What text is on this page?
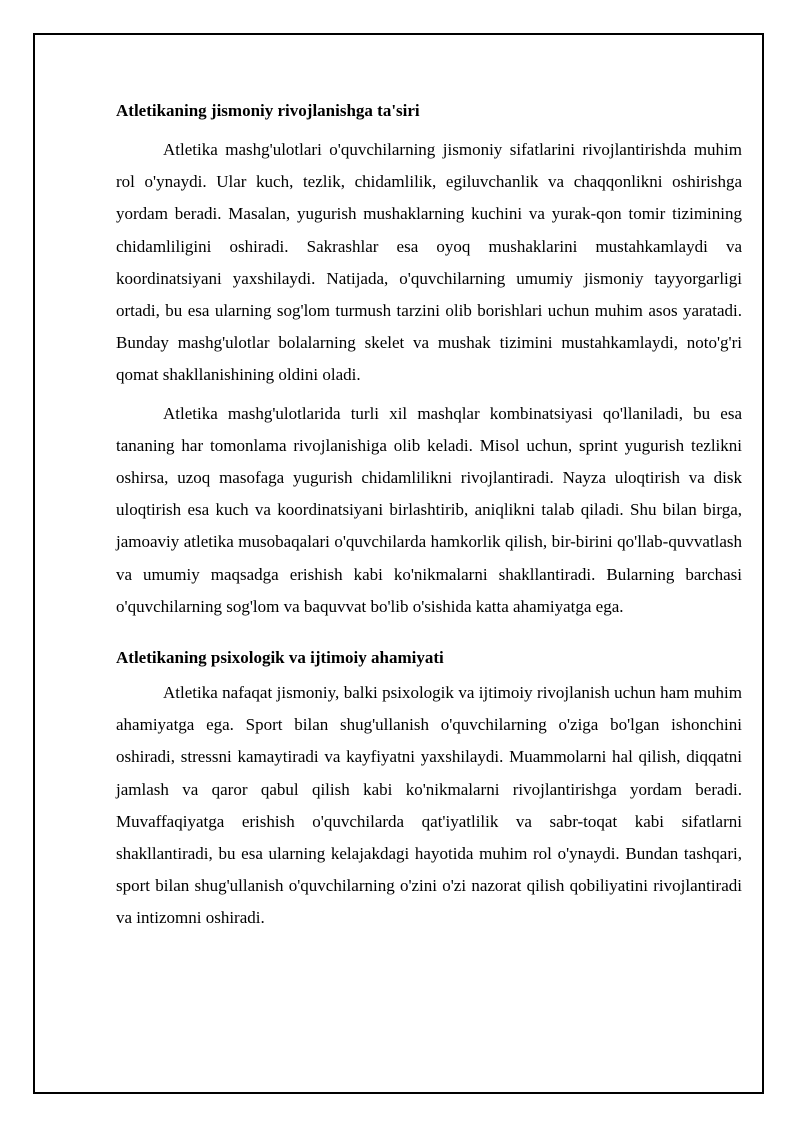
Atletikaning jismoniy rivojlanishga ta'siri

Atletika mashg'ulotlari o'quvchilarning jismoniy sifatlarini rivojlantirishda muhim rol o'ynaydi. Ular kuch, tezlik, chidamlilik, egiluvchanlik va chaqqonlikni oshirishga yordam beradi. Masalan, yugurish mushaklarning kuchini va yurak-qon tomir tizimining chidamliligini oshiradi. Sakrashlar esa oyoq mushaklarini mustahkamlaydi va koordinatsiyani yaxshilaydi. Natijada, o'quvchilarning umumiy jismoniy tayyorgarligi ortadi, bu esa ularning sog'lom turmush tarzini olib borishlari uchun muhim asos yaratadi. Bunday mashg'ulotlar bolalarning skelet va mushak tizimini mustahkamlaydi, noto'g'ri qomat shakllanishining oldini oladi.

Atletika mashg'ulotlarida turli xil mashqlar kombinatsiyasi qo'llaniladi, bu esa tananing har tomonlama rivojlanishiga olib keladi. Misol uchun, sprint yugurish tezlikni oshirsa, uzoq masofaga yugurish chidamlilikni rivojlantiradi. Nayza uloqtirish va disk uloqtirish esa kuch va koordinatsiyani birlashtirib, aniqlikni talab qiladi. Shu bilan birga, jamoaviy atletika musobaqalari o'quvchilarda hamkorlik qilish, bir-birini qo'llab-quvvatlash va umumiy maqsadga erishish kabi ko'nikmalarni shakllantiradi. Bularning barchasi o'quvchilarning sog'lom va baquvvat bo'lib o'sishida katta ahamiyatga ega.

Atletikaning psixologik va ijtimoiy ahamiyati

Atletika nafaqat jismoniy, balki psixologik va ijtimoiy rivojlanish uchun ham muhim ahamiyatga ega. Sport bilan shug'ullanish o'quvchilarning o'ziga bo'lgan ishonchini oshiradi, stressni kamaytiradi va kayfiyatni yaxshilaydi. Muammolarni hal qilish, diqqatni jamlash va qaror qabul qilish kabi ko'nikmalarni rivojlantirishga yordam beradi. Muvaffaqiyatga erishish o'quvchilarda qat'iyatlilik va sabr-toqat kabi sifatlarni shakllantiradi, bu esa ularning kelajakdagi hayotida muhim rol o'ynaydi. Bundan tashqari, sport bilan shug'ullanish o'quvchilarning o'zini o'zi nazorat qilish qobiliyatini rivojlantiradi va intizomni oshiradi.
